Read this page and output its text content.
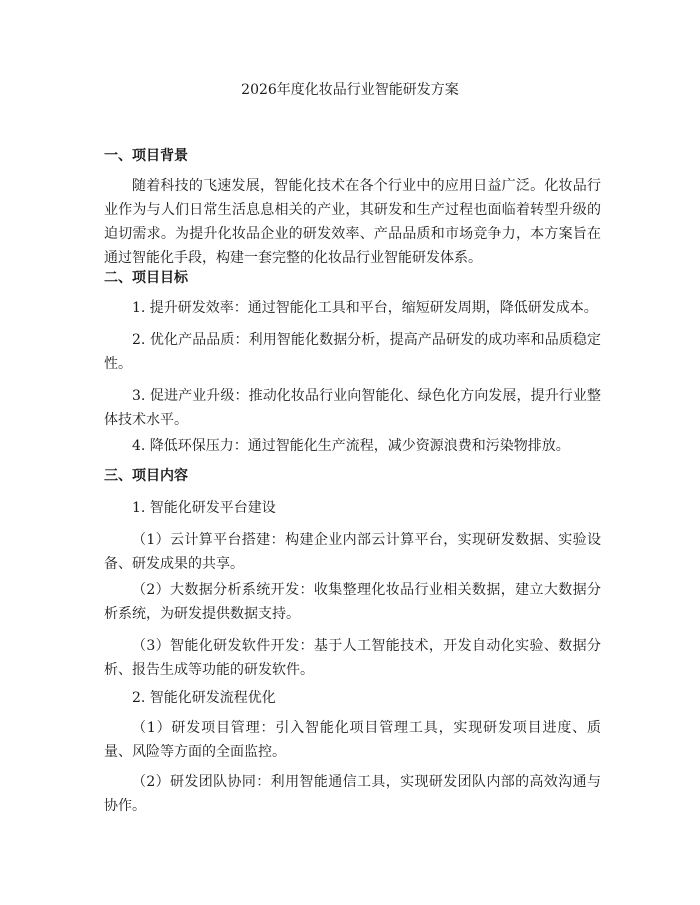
2026年度化妆品行业智能研发方案
一、项目背景
随着科技的飞速发展，智能化技术在各个行业中的应用日益广泛。化妆品行业作为与人们日常生活息息相关的产业，其研发和生产过程也面临着转型升级的迫切需求。为提升化妆品企业的研发效率、产品品质和市场竞争力，本方案旨在通过智能化手段，构建一套完整的化妆品行业智能研发体系。
二、项目目标
1. 提升研发效率：通过智能化工具和平台，缩短研发周期，降低研发成本。
2. 优化产品品质：利用智能化数据分析，提高产品研发的成功率和品质稳定性。
3. 促进产业升级：推动化妆品行业向智能化、绿色化方向发展，提升行业整体技术水平。
4. 降低环保压力：通过智能化生产流程，减少资源浪费和污染物排放。
三、项目内容
1. 智能化研发平台建设
（1）云计算平台搭建：构建企业内部云计算平台，实现研发数据、实验设备、研发成果的共享。
（2）大数据分析系统开发：收集整理化妆品行业相关数据，建立大数据分析系统，为研发提供数据支持。
（3）智能化研发软件开发：基于人工智能技术，开发自动化实验、数据分析、报告生成等功能的研发软件。
2. 智能化研发流程优化
（1）研发项目管理：引入智能化项目管理工具，实现研发项目进度、质量、风险等方面的全面监控。
（2）研发团队协同：利用智能通信工具，实现研发团队内部的高效沟通与协作。
